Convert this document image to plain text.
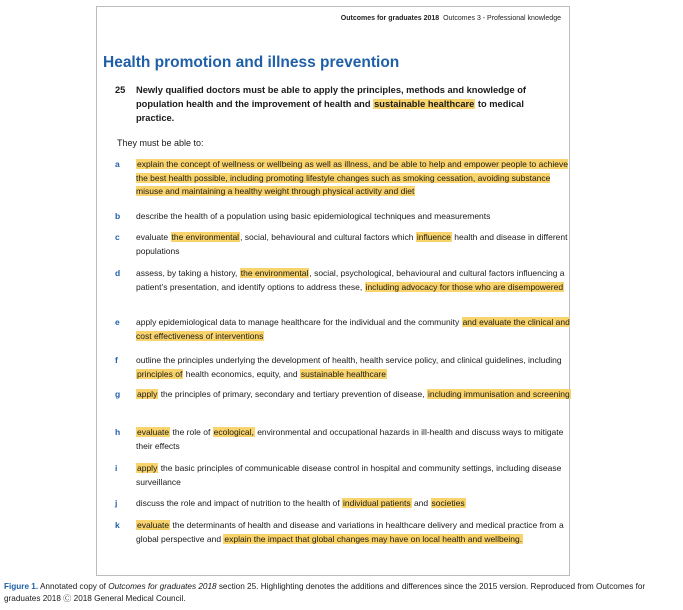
Outcomes for graduates 2018 Outcomes 3 - Professional knowledge
Health promotion and illness prevention
25 Newly qualified doctors must be able to apply the principles, methods and knowledge of population health and the improvement of health and sustainable healthcare to medical practice.
They must be able to:
a explain the concept of wellness or wellbeing as well as illness, and be able to help and empower people to achieve the best health possible, including promoting lifestyle changes such as smoking cessation, avoiding substance misuse and maintaining a healthy weight through physical activity and diet
b describe the health of a population using basic epidemiological techniques and measurements
c evaluate the environmental, social, behavioural and cultural factors which influence health and disease in different populations
d assess, by taking a history, the environmental, social, psychological, behavioural and cultural factors influencing a patient’s presentation, and identify options to address these, including advocacy for those who are disempowered
e apply epidemiological data to manage healthcare for the individual and the community and evaluate the clinical and cost effectiveness of interventions
f outline the principles underlying the development of health, health service policy, and clinical guidelines, including principles of health economics, equity, and sustainable healthcare
g apply the principles of primary, secondary and tertiary prevention of disease, including immunisation and screening
h evaluate the role of ecological, environmental and occupational hazards in ill-health and discuss ways to mitigate their effects
i apply the basic principles of communicable disease control in hospital and community settings, including disease surveillance
j discuss the role and impact of nutrition to the health of individual patients and societies
k evaluate the determinants of health and disease and variations in healthcare delivery and medical practice from a global perspective and explain the impact that global changes may have on local health and wellbeing.
Figure 1. Annotated copy of Outcomes for graduates 2018 section 25. Highlighting denotes the additions and differences since the 2015 version. Reproduced from Outcomes for graduates 2018 Ⓒ 2018 General Medical Council.
